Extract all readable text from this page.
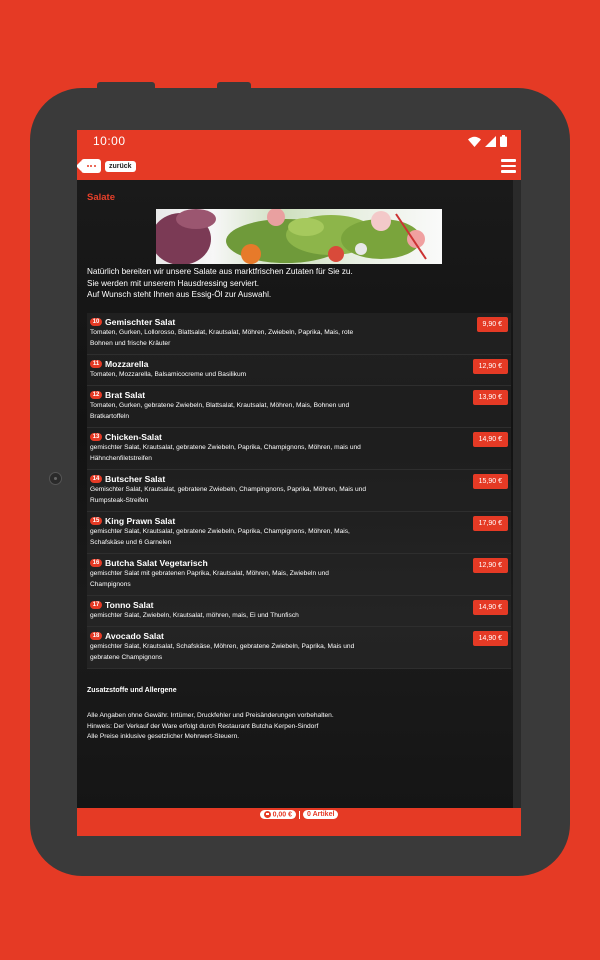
10:00
zurück
Salate

Natürlich bereiten wir unsere Salate aus marktfrischen Zutaten für Sie zu.

Sie werden mit unserem Hausdressing serviert.

Auf Wunsch steht Ihnen aus Essig-Öl zur Auswahl.

10 Gemischter Salat
Tomaten, Gurken, Lollorosso, Blattsalat, Krautsalat, Möhren, Zwiebeln, Paprika, Mais, rote Bohnen und frische Kräuter
9,90 €
11 Mozzarella
Tomaten, Mozzarella, Balsamicocreme und Basilikum
12,90 €
12 Brat Salat
Tomaten, Gurken, gebratene Zwiebeln, Blattsalat, Krautsalat, Möhren, Mais, Bohnen und Bratkartoffeln
13,90 €
13 Chicken-Salat
gemischter Salat, Krautsalat, gebratene Zwiebeln, Paprika, Champignons, Möhren, mais und Hähnchenfiletstreifen
14,90 €
14 Butscher Salat
Gemischter Salat, Krautsalat, gebratene Zwiebeln, Champingnons, Paprika, Möhren, Mais und Rumpsteak-Streifen
15,90 €
15 King Prawn Salat
gemischter Salat, Krautsalat, gebratene Zwiebeln, Paprika, Champignons, Möhren, Mais, Schafskäse und 6 Garnelen
17,90 €
16 Butcha Salat Vegetarisch
gemischter Salat mit gebratenen Paprika, Krautsalat, Möhren, Mais, Zwiebeln und Champignons
12,90 €
17 Tonno Salat
gemischter Salat, Zwiebeln, Krautsalat, möhren, mais, Ei und Thunfisch
14,90 €
18 Avocado Salat
gemischter Salat, Krautsalat, Schafskäse, Möhren, gebratene Zwiebeln, Paprika, Mais und gebratene Champignons
14,90 €
Zusatzstoffe und Allergene

Alle Angaben ohne Gewähr. Irrtümer, Druckfehler und Preisänderungen vorbehalten.

Hinweis: Der Verkauf der Ware erfolgt durch Restaurant Butcha Kerpen-Sindorf

Alle Preise inklusive gesetzlicher Mehrwert-Steuern.

0,00 € 0 Artikel
